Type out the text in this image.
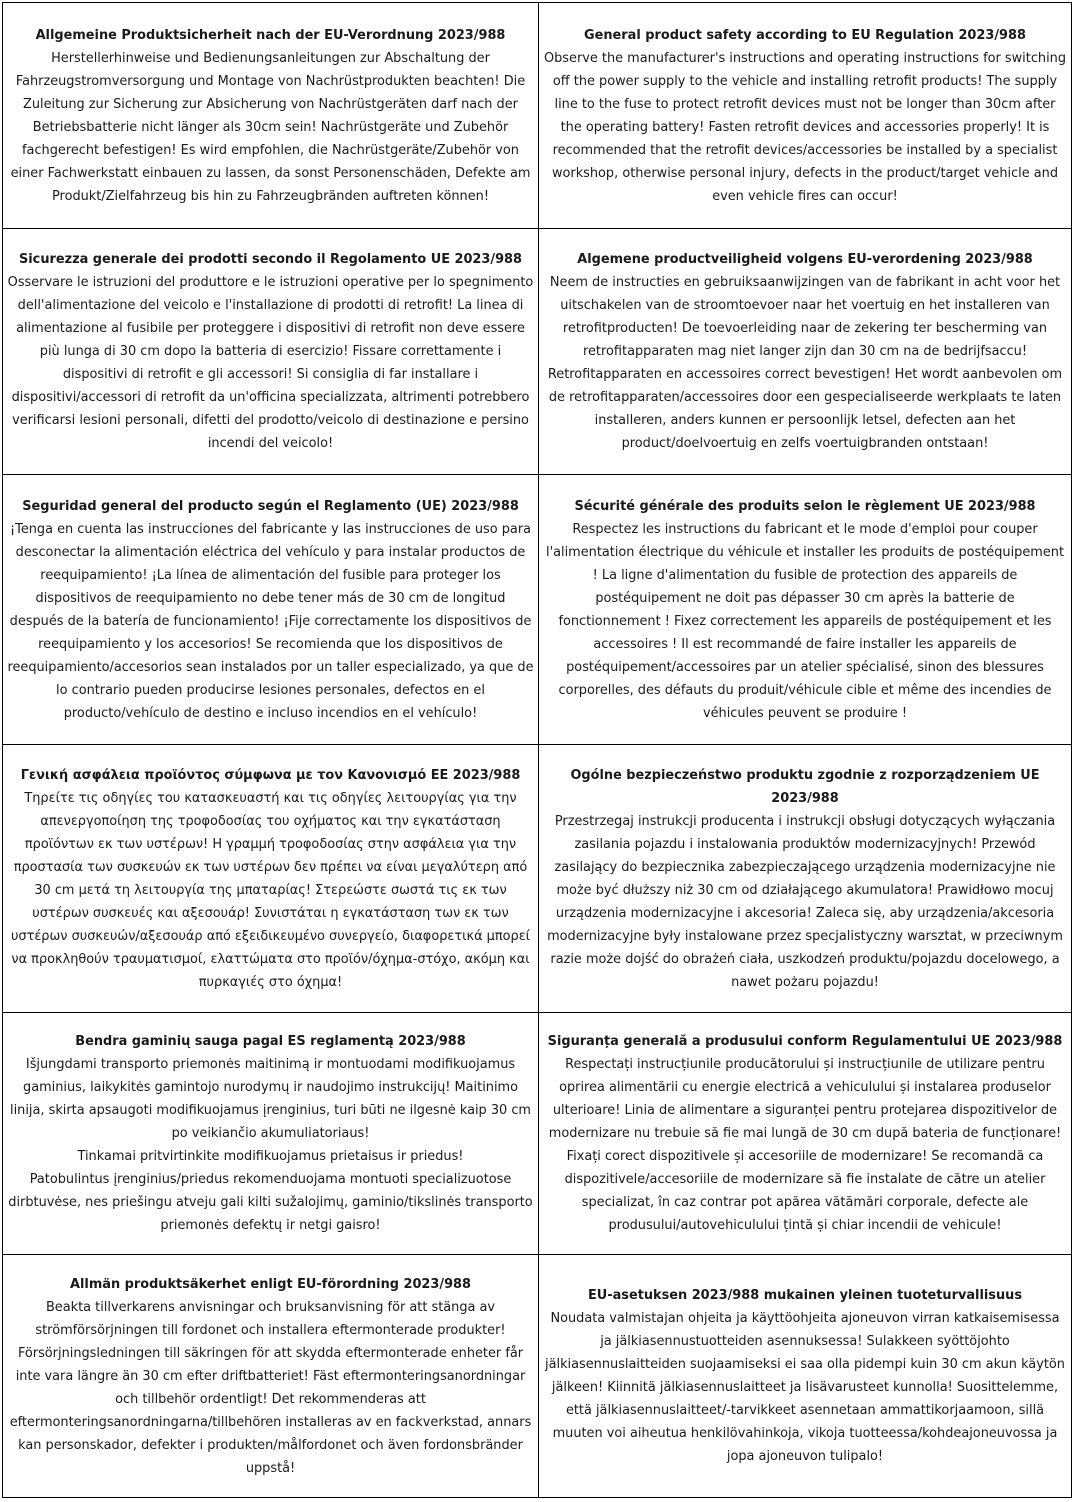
Allgemeine Produktsicherheit nach der EU-Verordnung 2023/988

Herstellerhinweise und Bedienungsanleitungen zur Abschaltung der Fahrzeugstromversorgung und Montage von Nachrüstprodukten beachten! Die Zuleitung zur Sicherung zur Absicherung von Nachrüstgeräten darf nach der Betriebsbatterie nicht länger als 30cm sein! Nachrüstgeräte und Zubehör fachgerecht befestigen! Es wird empfohlen, die Nachrüstgeräte/Zubehör von einer Fachwerkstatt einbauen zu lassen, da sonst Personenschäden, Defekte am Produkt/Zielfahrzeug bis hin zu Fahrzeugbränden auftreten können!

General product safety according to EU Regulation 2023/988

Observe the manufacturer's instructions and operating instructions for switching off the power supply to the vehicle and installing retrofit products! The supply line to the fuse to protect retrofit devices must not be longer than 30cm after the operating battery! Fasten retrofit devices and accessories properly! It is recommended that the retrofit devices/accessories be installed by a specialist workshop, otherwise personal injury, defects in the product/target vehicle and even vehicle fires can occur!

Sicurezza generale dei prodotti secondo il Regolamento UE 2023/988

Osservare le istruzioni del produttore e le istruzioni operative per lo spegnimento dell'alimentazione del veicolo e l'installazione di prodotti di retrofit! La linea di alimentazione al fusibile per proteggere i dispositivi di retrofit non deve essere più lunga di 30 cm dopo la batteria di esercizio! Fissare correttamente i dispositivi di retrofit e gli accessori! Si consiglia di far installare i dispositivi/accessori di retrofit da un'officina specializzata, altrimenti potrebbero verificarsi lesioni personali, difetti del prodotto/veicolo di destinazione e persino incendi del veicolo!

Algemene productveiligheid volgens EU-verordening 2023/988

Neem de instructies en gebruiksaanwijzingen van de fabrikant in acht voor het uitschakelen van de stroomtoevoer naar het voertuig en het installeren van retrofitproducten! De toevoerleiding naar de zekering ter bescherming van retrofitapparaten mag niet langer zijn dan 30 cm na de bedrijfsaccu! Retrofitapparaten en accessoires correct bevestigen! Het wordt aanbevolen om de retrofitapparaten/accessoires door een gespecialiseerde werkplaats te laten installeren, anders kunnen er persoonlijk letsel, defecten aan het product/doelvoertuig en zelfs voertuigbranden ontstaan!

Seguridad general del producto según el Reglamento (UE) 2023/988

¡Tenga en cuenta las instrucciones del fabricante y las instrucciones de uso para desconectar la alimentación eléctrica del vehículo y para instalar productos de reequipamiento! ¡La línea de alimentación del fusible para proteger los dispositivos de reequipamiento no debe tener más de 30 cm de longitud después de la batería de funcionamiento! ¡Fije correctamente los dispositivos de reequipamiento y los accesorios! Se recomienda que los dispositivos de reequipamiento/accesorios sean instalados por un taller especializado, ya que de lo contrario pueden producirse lesiones personales, defectos en el producto/vehículo de destino e incluso incendios en el vehículo!

Sécurité générale des produits selon le règlement UE 2023/988

Respectez les instructions du fabricant et le mode d'emploi pour couper l'alimentation électrique du véhicule et installer les produits de postéquipement ! La ligne d'alimentation du fusible de protection des appareils de postéquipement ne doit pas dépasser 30 cm après la batterie de fonctionnement ! Fixez correctement les appareils de postéquipement et les accessoires ! Il est recommandé de faire installer les appareils de postéquipement/accessoires par un atelier spécialisé, sinon des blessures corporelles, des défauts du produit/véhicule cible et même des incendies de véhicules peuvent se produire !

Γενική ασφάλεια προϊόντος σύμφωνα με τον Κανονισμό ΕΕ 2023/988

Τηρείτε τις οδηγίες του κατασκευαστή και τις οδηγίες λειτουργίας για την απενεργοποίηση της τροφοδοσίας του οχήματος και την εγκατάσταση προϊόντων εκ των υστέρων! Η γραμμή τροφοδοσίας στην ασφάλεια για την προστασία των συσκευών εκ των υστέρων δεν πρέπει να είναι μεγαλύτερη από 30 cm μετά τη λειτουργία της μπαταρίας! Στερεώστε σωστά τις εκ των υστέρων συσκευές και αξεσουάρ! Συνιστάται η εγκατάσταση των εκ των υστέρων συσκευών/αξεσουάρ από εξειδικευμένο συνεργείο, διαφορετικά μπορεί να προκληθούν τραυματισμοί, ελαττώματα στο προϊόν/όχημα-στόχο, ακόμη και πυρκαγιές στο όχημα!

Ogólne bezpieczeństwo produktu zgodnie z rozporządzeniem UE 2023/988

Przestrzegaj instrukcji producenta i instrukcji obsługi dotyczących wyłączania zasilania pojazdu i instalowania produktów modernizacyjnych! Przewód zasilający do bezpiecznika zabezpieczającego urządzenia modernizacyjne nie może być dłuższy niż 30 cm od działającego akumulatora! Prawidłowo mocuj urządzenia modernizacyjne i akcesoria! Zaleca się, aby urządzenia/akcesoria modernizacyjne były instalowane przez specjalistyczny warsztat, w przeciwnym razie może dojść do obrażeń ciała, uszkodzeń produktu/pojazdu docelowego, a nawet pożaru pojazdu!

Bendra gaminių sauga pagal ES reglamentą 2023/988

Išjungdami transporto priemonės maitinimą ir montuodami modifikuojamus gaminius, laikykitės gamintojo nurodymų ir naudojimo instrukcijų! Maitinimo linija, skirta apsaugoti modifikuojamus įrenginius, turi būti ne ilgesnė kaip 30 cm po veikiančio akumuliatoriaus!
Tinkamai pritvirtinkite modifikuojamus prietaisus ir priedus!
Patobulintus įrenginius/priedus rekomenduojama montuoti specializuotose dirbtuvėse, nes priešingu atveju gali kilti sužalojimų, gaminio/tikslinės transporto priemonės defektų ir netgi gaisro!

Siguranța generală a produsului conform Regulamentului UE 2023/988

Respectați instrucțiunile producătorului și instrucțiunile de utilizare pentru oprirea alimentării cu energie electrică a vehiculului și instalarea produselor ulterioare! Linia de alimentare a siguranței pentru protejarea dispozitivelor de modernizare nu trebuie să fie mai lungă de 30 cm după bateria de funcționare! Fixați corect dispozitivele și accesoriile de modernizare! Se recomandă ca dispozitivele/accesoriile de modernizare să fie instalate de către un atelier specializat, în caz contrar pot apărea vătămări corporale, defecte ale produsului/autovehiculului țintă și chiar incendii de vehicule!

Allmän produktsäkerhet enligt EU-förordning 2023/988

Beakta tillverkarens anvisningar och bruksanvisning för att stänga av strömförsörjningen till fordonet och installera eftermonterade produkter! Försörjningsledningen till säkringen för att skydda eftermonterade enheter får inte vara längre än 30 cm efter driftbatteriet! Fäst eftermonteringsanordningar och tillbehör ordentligt! Det rekommenderas att eftermonteringsanordningarna/tillbehören installeras av en fackverkstad, annars kan personskador, defekter i produkten/målfordonet och även fordonsbränder uppstå!

EU-asetuksen 2023/988 mukainen yleinen tuoteturvallisuus

Noudata valmistajan ohjeita ja käyttöohjeita ajoneuvon virran katkaisemisessa ja jälkiasennustuotteiden asennuksessa! Sulakkeen syöttöjohto jälkiasennuslaitteiden suojaamiseksi ei saa olla pidempi kuin 30 cm akun käytön jälkeen! Kiinnitä jälkiasennuslaitteet ja lisävarusteet kunnolla! Suosittelemme, että jälkiasennuslaitteet/-tarvikkeet asennetaan ammattikorjaamoon, sillä muuten voi aiheutua henkilövahinkoja, vikoja tuotteessa/kohdeajoneuvossa ja jopa ajoneuvon tulipalo!
